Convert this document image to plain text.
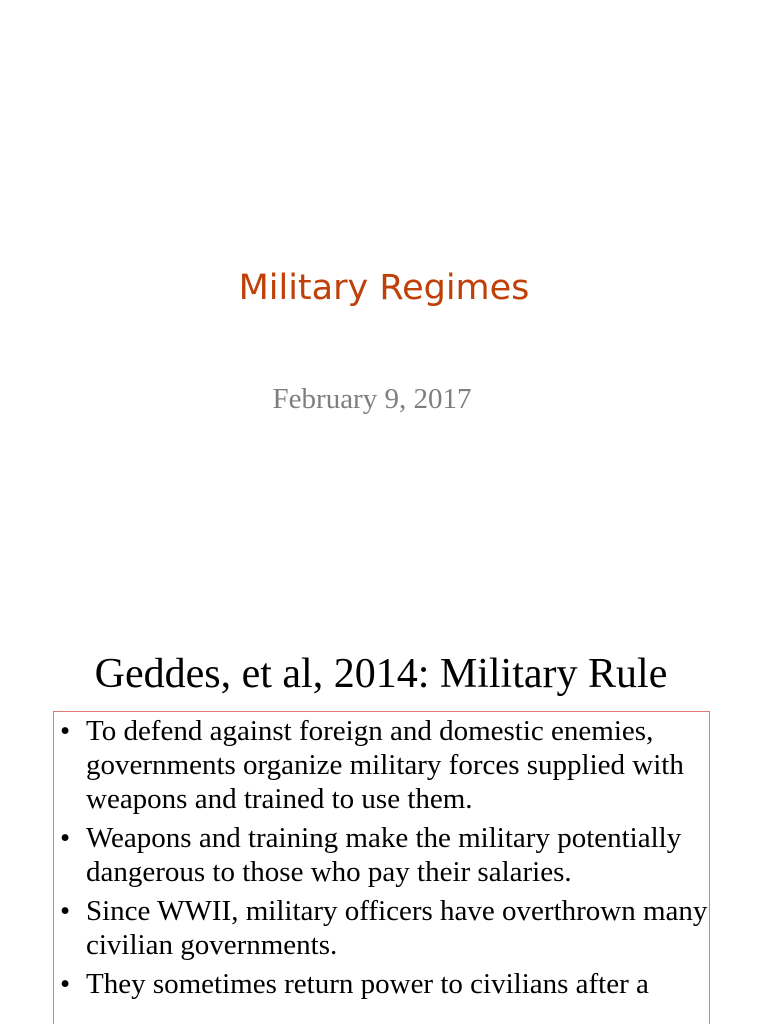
Military Regimes
February 9, 2017
Geddes, et al, 2014: Military Rule
• To defend against foreign and domestic enemies, governments organize military forces supplied with weapons and trained to use them.
• Weapons and training make the military potentially dangerous to those who pay their salaries.
• Since WWII, military officers have overthrown many civilian governments.
• They sometimes return power to civilians after a
